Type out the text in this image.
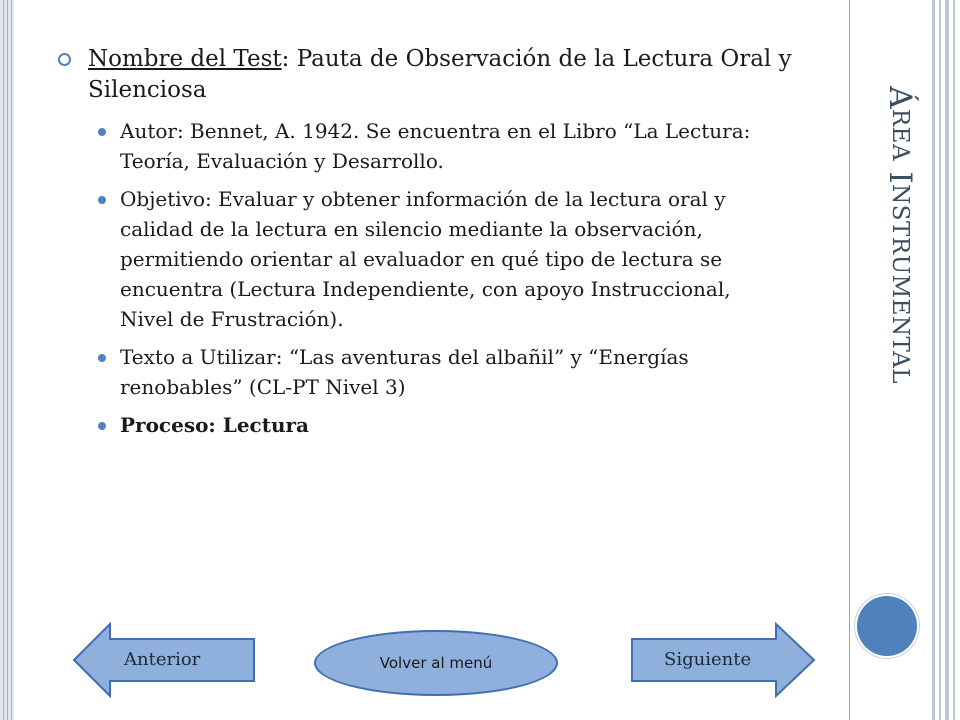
Á
REA

I
NSTRUMENTAL
Nombre del Test: Pauta de Observación de la Lectura Oral y Silenciosa
Autor: Bennet, A. 1942. Se encuentra en el Libro “La Lectura: Teoría, Evaluación y Desarrollo.
Objetivo: Evaluar y obtener información de la lectura oral y calidad de la lectura en silencio mediante la observación, permitiendo orientar al evaluador en qué tipo de lectura se encuentra (Lectura Independiente, con apoyo Instruccional, Nivel de Frustración).
Texto a Utilizar: “Las aventuras del albañil” y “Energías renobables” (CL-PT Nivel 3)
Proceso: Lectura
Anterior	Volver al menú	Siguiente
